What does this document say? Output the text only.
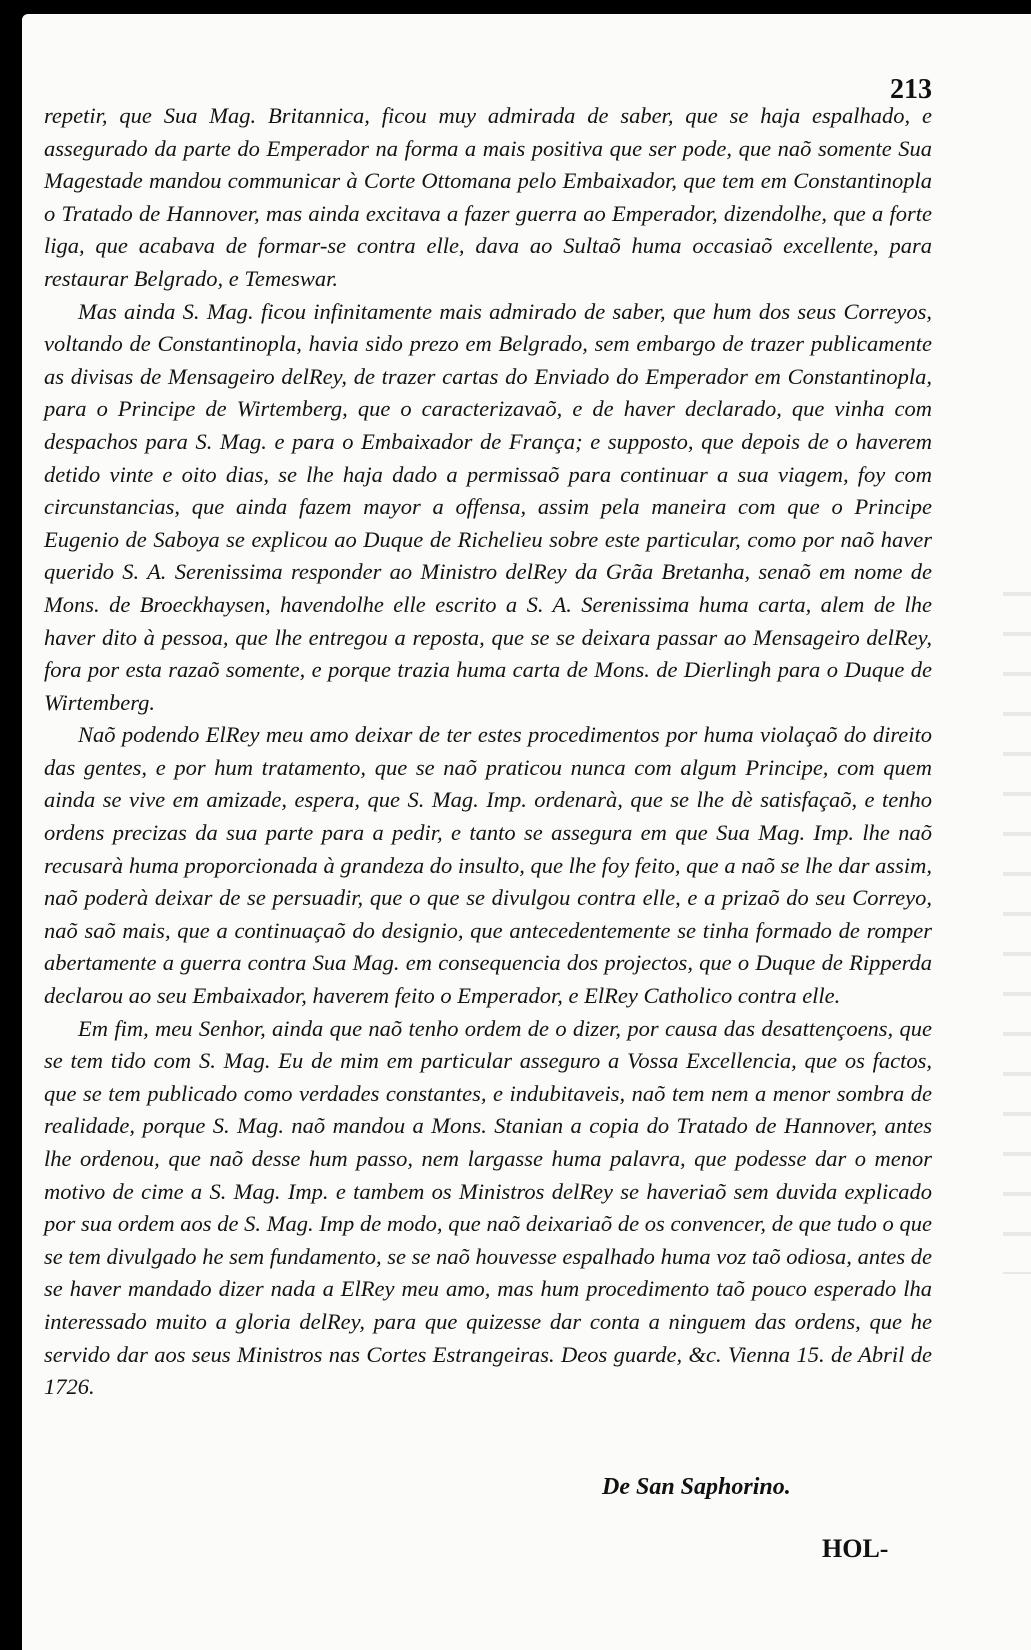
213

repetir, que Sua Mag. Britannica, ficou muy admirada de saber, que se haja espalhado, e assegurado da parte do Emperador na forma a mais positiva que ser pode, que naõ somente Sua Magestade mandou communicar à Corte Ottomana pelo Embaixador, que tem em Constantinopla o Tratado de Hannover, mas ainda excitava a fazer guerra ao Emperador, dizendolhe, que a forte liga, que acabava de formar-se contra elle, dava ao Sultaõ huma occasiaõ excellente, para restaurar Belgrado, e Temeswar.

Mas ainda S. Mag. ficou infinitamente mais admirado de saber, que hum dos seus Correyos, voltando de Constantinopla, havia sido prezo em Belgrado, sem embargo de trazer publicamente as divisas de Mensageiro delRey, de trazer cartas do Enviado do Emperador em Constantinopla, para o Principe de Wirtemberg, que o caracterizavaõ, e de haver declarado, que vinha com despachos para S. Mag. e para o Embaixador de França; e supposto, que depois de o haverem detido vinte e oito dias, se lhe haja dado a permissaõ para continuar a sua viagem, foy com circunstancias, que ainda fazem mayor a offensa, assim pela maneira com que o Principe Eugenio de Saboya se explicou ao Duque de Richelieu sobre este particular, como por naõ haver querido S. A. Serenissima responder ao Ministro delRey da Grãa Bretanha, senaõ em nome de Mons. de Broeckhaysen, havendolhe elle escrito a S. A. Serenissima huma carta, alem de lhe haver dito à pessoa, que lhe entregou a reposta, que se se deixara passar ao Mensageiro delRey, fora por esta razaõ somente, e porque trazia huma carta de Mons. de Dierlingh para o Duque de Wirtemberg.

Naõ podendo ElRey meu amo deixar de ter estes procedimentos por huma violaçaõ do direito das gentes, e por hum tratamento, que se naõ praticou nunca com algum Principe, com quem ainda se vive em amizade, espera, que S. Mag. Imp. ordenarà, que se lhe dè satisfaçaõ, e tenho ordens precizas da sua parte para a pedir, e tanto se assegura em que Sua Mag. Imp. lhe naõ recusarà huma proporcionada à grandeza do insulto, que lhe foy feito, que a naõ se lhe dar assim, naõ poderà deixar de se persuadir, que o que se divulgou contra elle, e a prizaõ do seu Correyo, naõ saõ mais, que a continuaçaõ do designio, que antecedentemente se tinha formado de romper abertamente a guerra contra Sua Mag. em consequencia dos projectos, que o Duque de Ripperda declarou ao seu Embaixador, haverem feito o Emperador, e ElRey Catholico contra elle.

Em fim, meu Senhor, ainda que naõ tenho ordem de o dizer, por causa das desattençoens, que se tem tido com S. Mag. Eu de mim em particular asseguro a Vossa Excellencia, que os factos, que se tem publicado como verdades constantes, e indubitaveis, naõ tem nem a menor sombra de realidade, porque S. Mag. naõ mandou a Mons. Stanian a copia do Tratado de Hannover, antes lhe ordenou, que naõ desse hum passo, nem largasse huma palavra, que podesse dar o menor motivo de cime a S. Mag. Imp. e tambem os Ministros delRey se haveriaõ sem duvida explicado por sua ordem aos de S. Mag. Imp de modo, que naõ deixariaõ de os convencer, de que tudo o que se tem divulgado he sem fundamento, se se naõ houvesse espalhado huma voz taõ odiosa, antes de se haver mandado dizer nada a ElRey meu amo, mas hum procedimento taõ pouco esperado lha interessado muito a gloria delRey, para que quizesse dar conta a ninguem das ordens, que he servido dar aos seus Ministros nas Cortes Estrangeiras. Deos guarde, &c. Vienna 15. de Abril de 1726.

De San Saphorino.
HOL-
